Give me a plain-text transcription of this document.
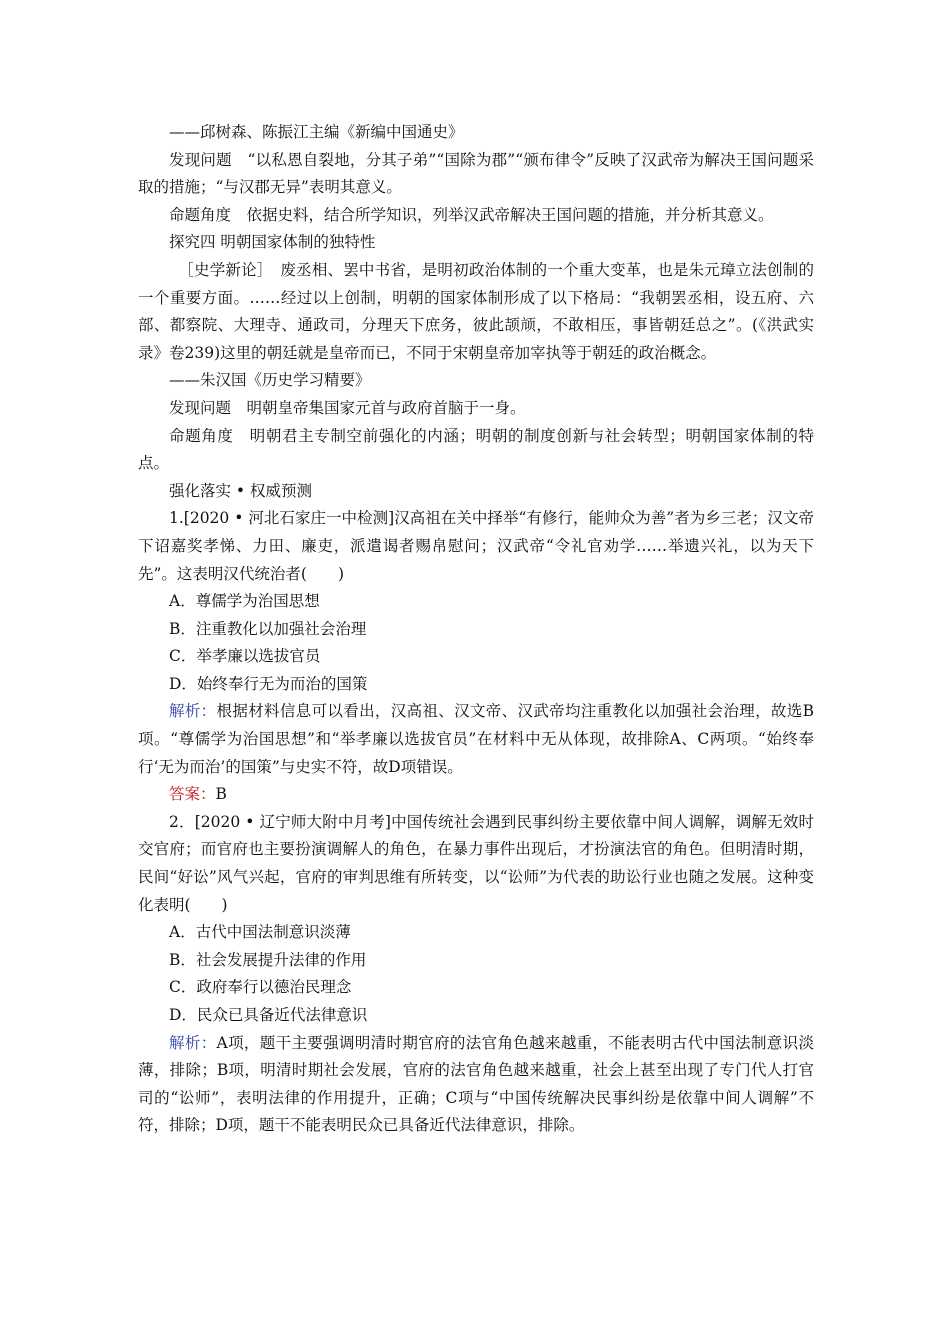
——邱树森、陈振江主编《新编中国通史》

发现问题　“以私恩自裂地，分其子弟”“国除为郡”“颁布律令”反映了汉武帝为解决王国问题采取的措施；“与汉郡无异”表明其意义。

命题角度　依据史料，结合所学知识，列举汉武帝解决王国问题的措施，并分析其意义。

探究四 明朝国家体制的独特性

［史学新论］　废丞相、罢中书省，是明初政治体制的一个重大变革，也是朱元璋立法创制的一个重要方面。……经过以上创制，明朝的国家体制形成了以下格局：“我朝罢丞相，设五府、六部、都察院、大理寺、通政司，分理天下庶务，彼此颉颃，不敢相压，事皆朝廷总之”。(《洪武实录》卷239)这里的朝廷就是皇帝而已，不同于宋朝皇帝加宰执等于朝廷的政治概念。

——朱汉国《历史学习精要》

发现问题　明朝皇帝集国家元首与政府首脑于一身。

命题角度　明朝君主专制空前强化的内涵；明朝的制度创新与社会转型；明朝国家体制的特点。

强化落实 • 权威预测

1.[2020 • 河北石家庄一中检测]汉高祖在关中择举“有修行，能帅众为善”者为乡三老；汉文帝下诏嘉奖孝悌、力田、廉吏，派遣谒者赐帛慰问；汉武帝“令礼官劝学……举遗兴礼，以为天下先”。这表明汉代统治者(　　)

A．尊儒学为治国思想

B．注重教化以加强社会治理

C．举孝廉以选拔官员

D．始终奉行无为而治的国策

解析：根据材料信息可以看出，汉高祖、汉文帝、汉武帝均注重教化以加强社会治理，故选B项。“尊儒学为治国思想”和“举孝廉以选拔官员”在材料中无从体现，故排除A、C两项。“始终奉行‘无为而治’的国策”与史实不符，故D项错误。

答案：B

2．[2020 • 辽宁师大附中月考]中国传统社会遇到民事纠纷主要依靠中间人调解，调解无效时交官府；而官府也主要扮演调解人的角色，在暴力事件出现后，才扮演法官的角色。但明清时期，民间“好讼”风气兴起，官府的审判思维有所转变，以“讼师”为代表的助讼行业也随之发展。这种变化表明(　　)

A．古代中国法制意识淡薄

B．社会发展提升法律的作用

C．政府奉行以德治民理念

D．民众已具备近代法律意识

解析：A项，题干主要强调明清时期官府的法官角色越来越重，不能表明古代中国法制意识淡薄，排除；B项，明清时期社会发展，官府的法官角色越来越重，社会上甚至出现了专门代人打官司的“讼师”，表明法律的作用提升，正确；C项与“中国传统解决民事纠纷是依靠中间人调解”不符，排除；D项，题干不能表明民众已具备近代法律意识，排除。
